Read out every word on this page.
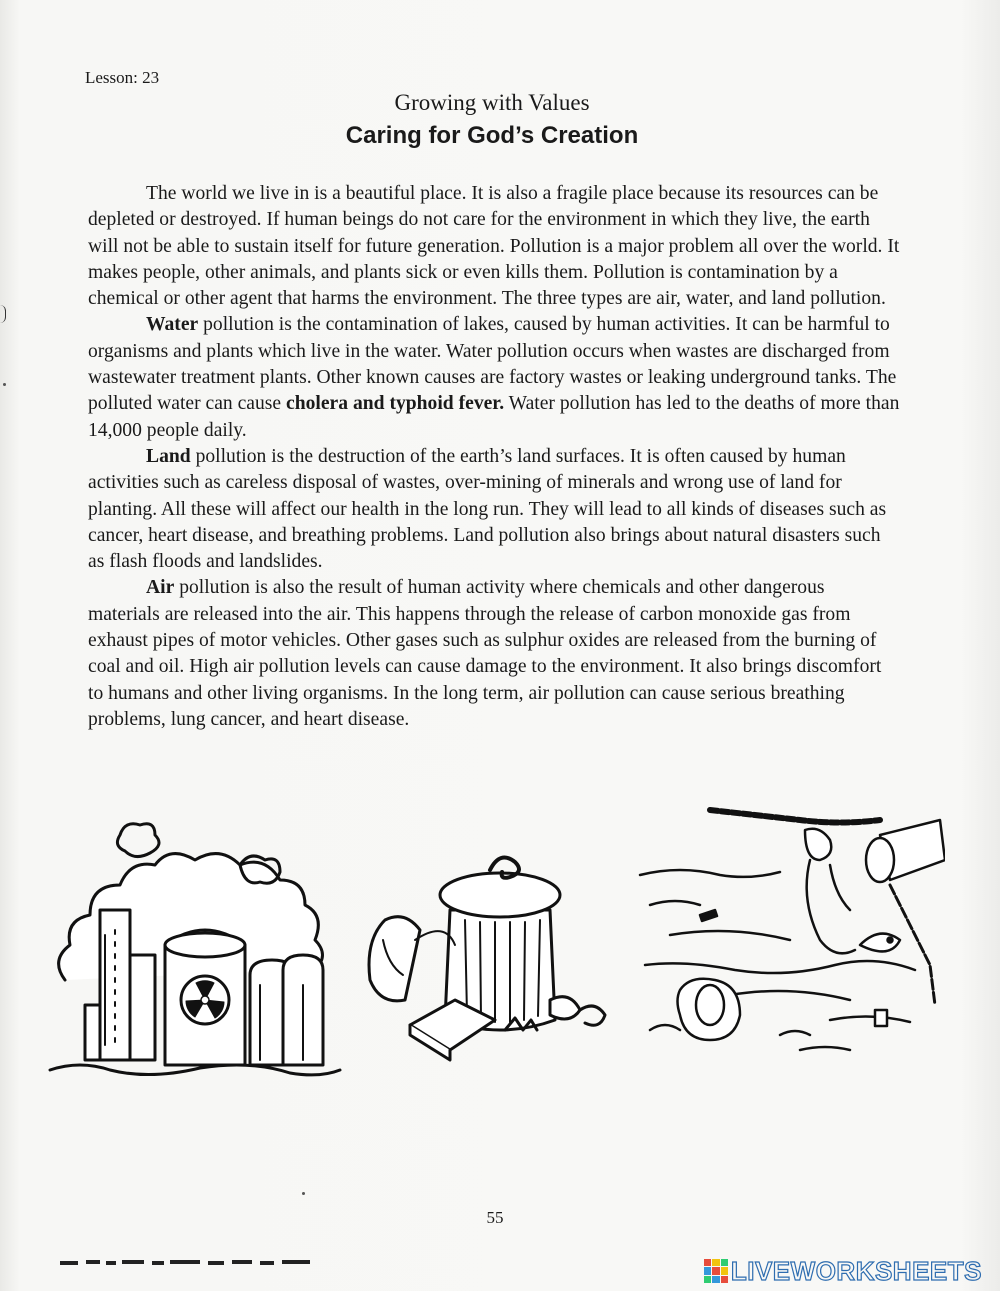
Lesson: 23
Growing with Values
Caring for God’s Creation

The world we live in is a beautiful place. It is also a fragile place because its resources can be depleted or destroyed. If human beings do not care for the environment in which they live, the earth will not be able to sustain itself for future generation. Pollution is a major problem all over the world. It makes people, other animals, and plants sick or even kills them. Pollution is contamination by a chemical or other agent that harms the environment. The three types are air, water, and land pollution.

Water pollution is the contamination of lakes, caused by human activities. It can be harmful to organisms and plants which live in the water. Water pollution occurs when wastes are discharged from wastewater treatment plants. Other known causes are factory wastes or leaking underground tanks. The polluted water can cause cholera and typhoid fever. Water pollution has led to the deaths of more than 14,000 people daily.

Land pollution is the destruction of the earth’s land surfaces. It is often caused by human activities such as careless disposal of wastes, over-mining of minerals and wrong use of land for planting. All these will affect our health in the long run. They will lead to all kinds of diseases such as cancer, heart disease, and breathing problems. Land pollution also brings about natural disasters such as flash floods and landslides.

Air pollution is also the result of human activity where chemicals and other dangerous materials are released into the air. This happens through the release of carbon monoxide gas from exhaust pipes of motor vehicles. Other gases such as sulphur oxides are released from the burning of coal and oil. High air pollution levels can cause damage to the environment. It also brings discomfort to humans and other living organisms. In the long term, air pollution can cause serious breathing problems, lung cancer, and heart disease.

55
LIVEWORKSHEETS
